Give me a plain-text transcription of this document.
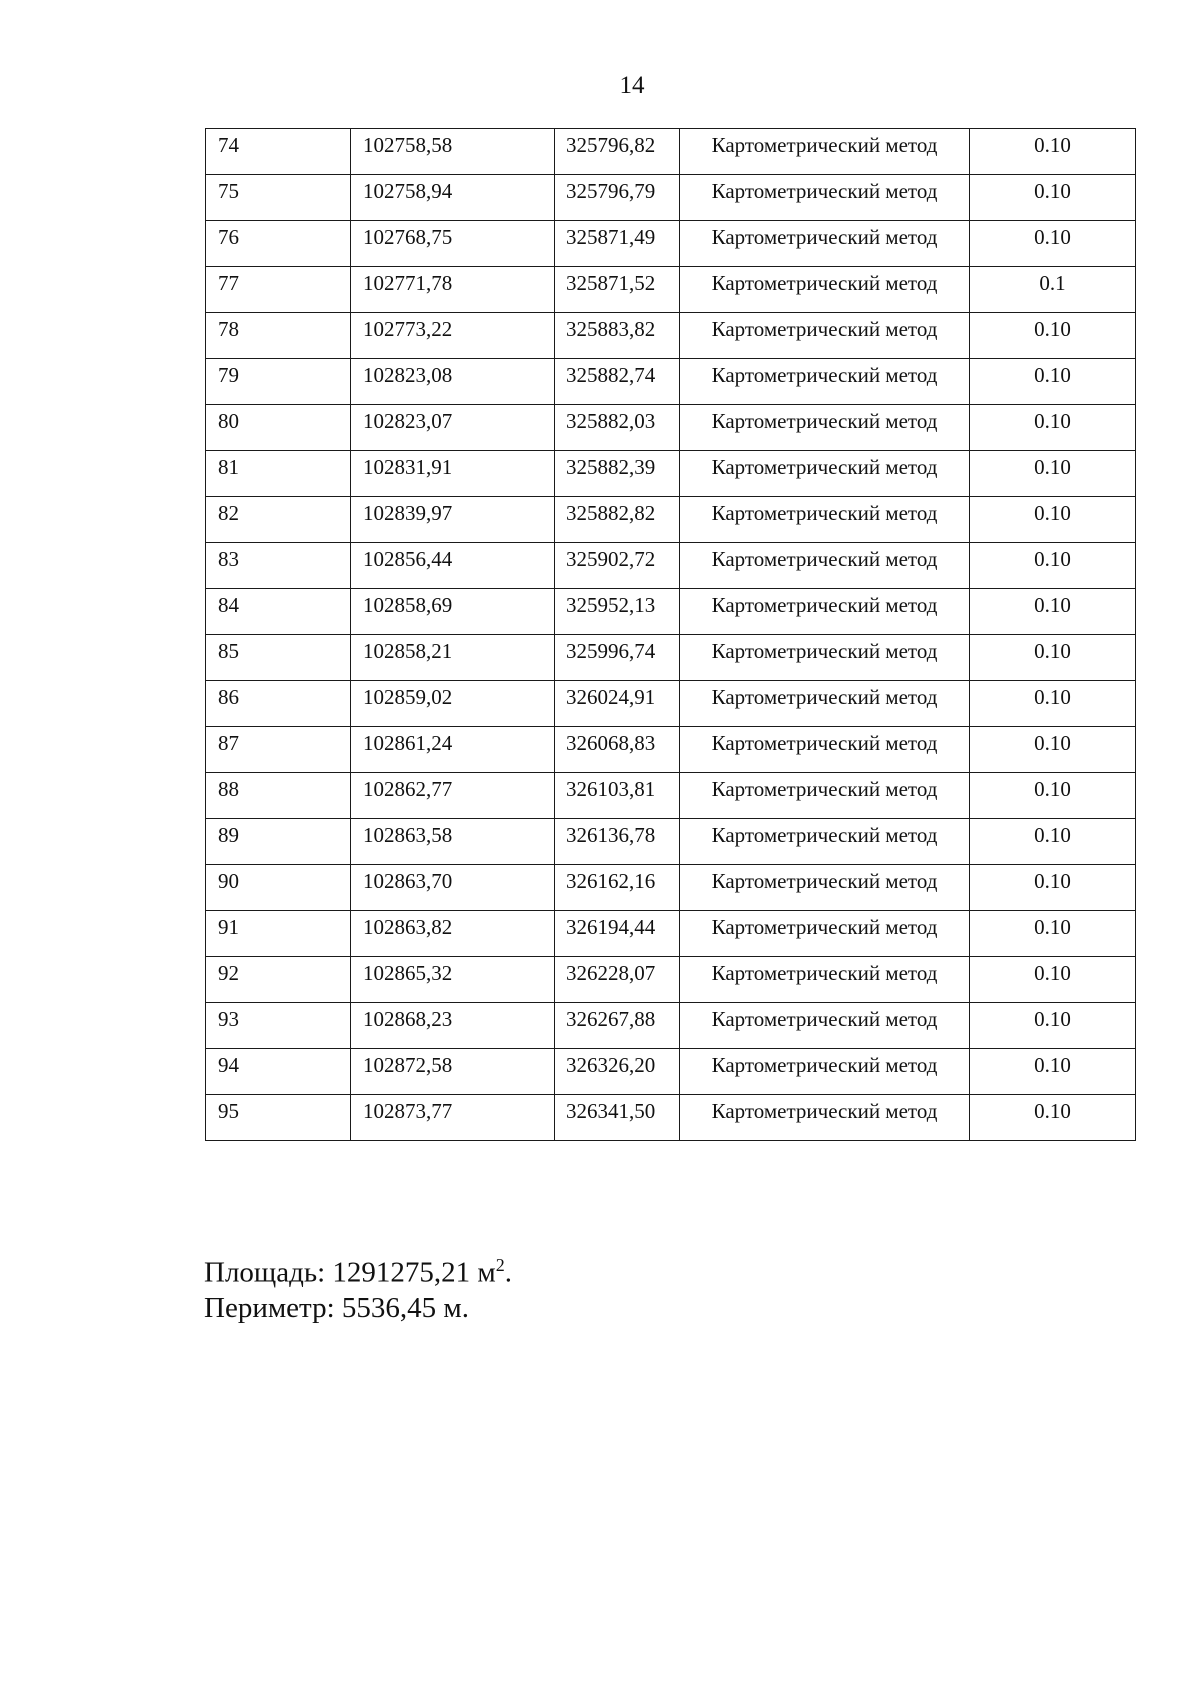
14
74	102758,58	325796,82	Картометрический метод	0.10
75	102758,94	325796,79	Картометрический метод	0.10
76	102768,75	325871,49	Картометрический метод	0.10
77	102771,78	325871,52	Картометрический метод	0.1
78	102773,22	325883,82	Картометрический метод	0.10
79	102823,08	325882,74	Картометрический метод	0.10
80	102823,07	325882,03	Картометрический метод	0.10
81	102831,91	325882,39	Картометрический метод	0.10
82	102839,97	325882,82	Картометрический метод	0.10
83	102856,44	325902,72	Картометрический метод	0.10
84	102858,69	325952,13	Картометрический метод	0.10
85	102858,21	325996,74	Картометрический метод	0.10
86	102859,02	326024,91	Картометрический метод	0.10
87	102861,24	326068,83	Картометрический метод	0.10
88	102862,77	326103,81	Картометрический метод	0.10
89	102863,58	326136,78	Картометрический метод	0.10
90	102863,70	326162,16	Картометрический метод	0.10
91	102863,82	326194,44	Картометрический метод	0.10
92	102865,32	326228,07	Картометрический метод	0.10
93	102868,23	326267,88	Картометрический метод	0.10
94	102872,58	326326,20	Картометрический метод	0.10
95	102873,77	326341,50	Картометрический метод	0.10
Площадь: 1291275,21 $м^2$.
Периметр: 5536,45 м.
